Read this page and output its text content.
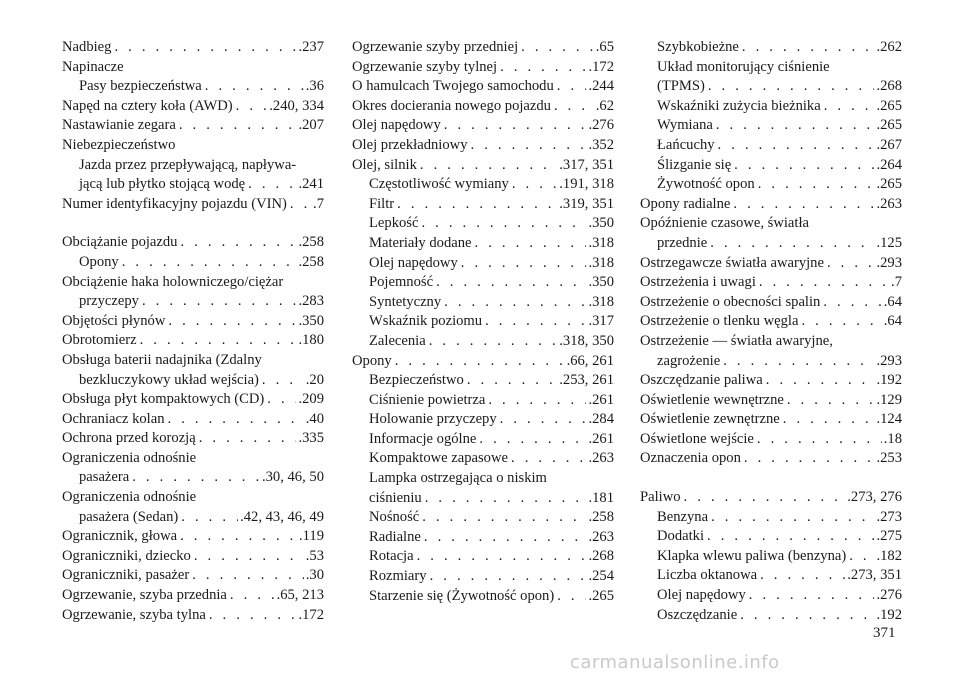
Nadbieg . . .	.237
Napinacze
Pasy bezpieczeństwa . . .	.36
Napęd na cztery koła (AWD) . . .	.240, 334
Nastawianie zegara . . .	.207
Niebezpieczeństwo
Jazda przez przepływającą, napływa-
jącą lub płytko stojącą wodę . . .	.241
Numer identyfikacyjny pojazdu (VIN) . . . .7
Obciążanie pojazdu . . .	.258
Opony . . .	.258
Obciążenie haka holowniczego/ciężar
przyczepy . . .	.283
Objętości płynów . . .	.350
Obrotomierz . . .	.180
Obsługa baterii nadajnika (Zdalny
bezkluczykowy układ wejścia) . . .	.20
Obsługa płyt kompaktowych (CD) . . . .209
Ochraniacz kolan . . .	.40
Ochrona przed korozją . . .	.335
Ograniczenia odnośnie
pasażera . . .	.30, 46, 50
Ograniczenia odnośnie
pasażera (Sedan) . . .	.42, 43, 46, 49
Ogranicznik, głowa . . .	.119
Ograniczniki, dziecko . . .	.53
Ograniczniki, pasażer . . .	.30
Ogrzewanie, szyba przednia . . .	.65, 213
Ogrzewanie, szyba tylna . . .	.172
Ogrzewanie szyby przedniej . . .	.65
Ogrzewanie szyby tylnej . . .	.172
O hamulcach Twojego samochodu . . . .244
Okres docierania nowego pojazdu . . .	.62
Olej napędowy . . .	.276
Olej przekładniowy . . .	.352
Olej, silnik . . .	.317, 351
Częstotliwość wymiany . . .	.191, 318
Filtr . . .	.319, 351
Lepkość . . .	.350
Materiały dodane . . .	.318
Olej napędowy . . .	.318
Pojemność . . .	.350
Syntetyczny . . .	.318
Wskaźnik poziomu . . .	.317
Zalecenia . . .	.318, 350
Opony . . .	.66, 261
Bezpieczeństwo . . .	.253, 261
Ciśnienie powietrza . . .	.261
Holowanie przyczepy . . .	.284
Informacje ogólne . . .	.261
Kompaktowe zapasowe . . .	.263
Lampka ostrzegająca o niskim
ciśnieniu . . .	.181
Nośność . . .	.258
Radialne . . .	.263
Rotacja . . .	.268
Rozmiary . . .	.254
Starzenie się (Żywotność opon) . . . .265
Szybkobieżne . . .	.262
Układ monitorujący ciśnienie
(TPMS) . . .	.268
Wskaźniki zużycia bieżnika . . .	.265
Wymiana . . .	.265
Łańcuchy . . .	.267
Ślizganie się . . .	.264
Żywotność opon . . .	.265
Opony radialne . . .	.263
Opóźnienie czasowe, światła
przednie . . .	.125
Ostrzegawcze światła awaryjne . . .	.293
Ostrzeżenia i uwagi . . .	.7
Ostrzeżenie o obecności spalin . . .	.64
Ostrzeżenie o tlenku węgla . . .	.64
Ostrzeżenie — światła awaryjne,
zagrożenie . . .	.293
Oszczędzanie paliwa . . .	.192
Oświetlenie wewnętrzne . . .	.129
Oświetlenie zewnętrzne . . .	.124
Oświetlone wejście . . .	.18
Oznaczenia opon . . .	.253
Paliwo . . .	.273, 276
Benzyna . . .	.273
Dodatki . . .	.275
Klapka wlewu paliwa (benzyna) . . . .182
Liczba oktanowa . . .	.273, 351
Olej napędowy . . .	.276
Oszczędzanie . . .	.192
371
carmanualsonline.info
